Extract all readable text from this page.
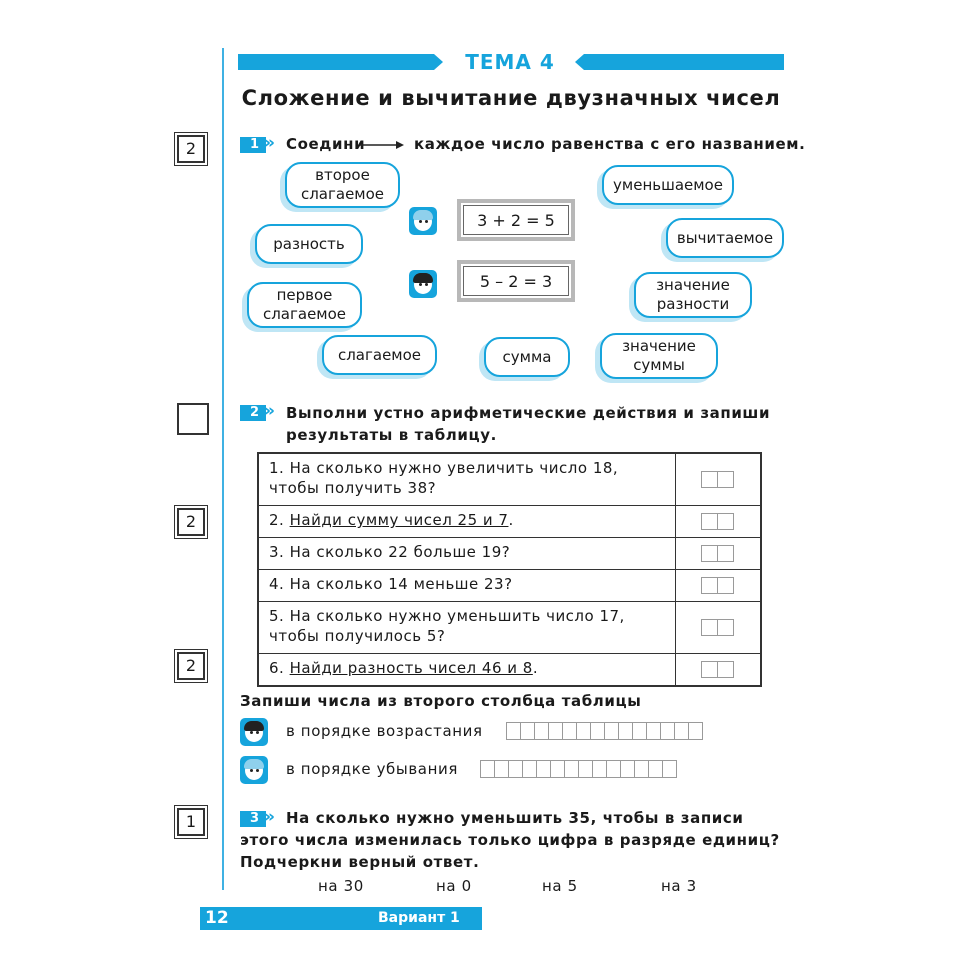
ТЕМА 4
Сложение и вычитание двузначных чисел
2
2
2
1
1 »	Соедини	каждое число равенства с его названием.
второе слагаемое
разность
первое слагаемое
слагаемое	сумма
уменьшаемое
вычитаемое
значение разности
значение суммы
3 + 2 = 5
5 – 2 = 3
2 »	Выполни устно арифметические действия и запиши результаты в таблицу.
1. На сколько нужно увеличить число 18,
чтобы получить 38?
2. Найди сумму чисел 25 и 7.
3. На сколько 22 больше 19?
4. На сколько 14 меньше 23?
5. На сколько нужно уменьшить число 17,
чтобы получилось 5?
6. Найди разность чисел 46 и 8.
Запиши числа из второго столбца таблицы
в порядке возрастания
в порядке убывания
3 »	На сколько нужно уменьшить 35, чтобы в записи этого числа изменилась только цифра в разряде единиц? Подчеркни верный ответ.
на 30	на 0	на 5	на 3
12	Вариант 1
